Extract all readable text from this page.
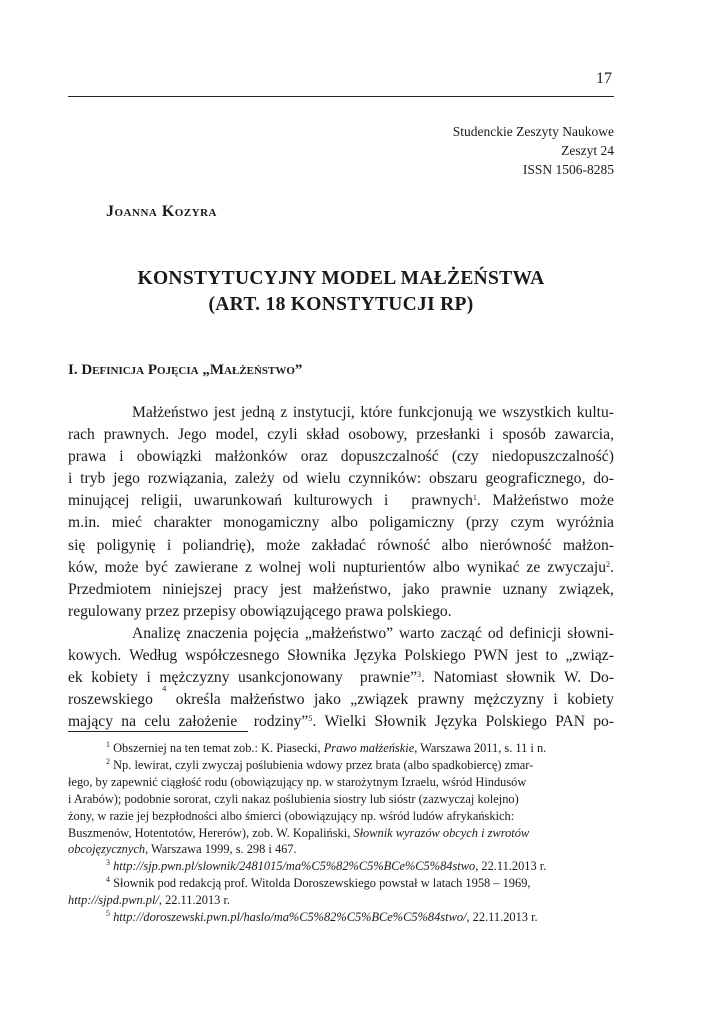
17
Studenckie Zeszyty Naukowe
Zeszyt 24
ISSN 1506-8285
Joanna Kozyra
KONSTYTUCYJNY MODEL MAŁŻEŃSTWA
(ART. 18 KONSTYTUCJI RP)
I. Definicja Pojęcia „Małżeństwo”
Małżeństwo jest jedną z instytucji, które funkcjonują we wszystkich kultu-
rach prawnych. Jego model, czyli skład osobowy, przesłanki i sposób zawarcia,
prawa i obowiązki małżonków oraz dopuszczalność (czy niedopuszczalność)
i tryb jego rozwiązania, zależy od wielu czynników: obszaru geograficznego, do-
minującej religii, uwarunkowań kulturowych i prawnych$^1$. Małżeństwo może
m.in. mieć charakter monogamiczny albo poligamiczny (przy czym wyróżnia
się poligynię i poliandrię), może zakładać równość albo nierówność małżon-
ków, może być zawierane z wolnej woli nupturientów albo wynikać ze zwyczaju$^2$.
Przedmiotem niniejszej pracy jest małżeństwo, jako prawnie uznany związek,
regulowany przez przepisy obowiązującego prawa polskiego.
Analizę znaczenia pojęcia „małżeństwo” warto zacząć od definicji słowni-
kowych. Według współczesnego Słownika Języka Polskiego PWN jest to „związ-
ek kobiety i mężczyzny usankcjonowany prawnie”$^3$. Natomiast słownik W. Do-
roszewskiego
4
określa małżeństwo jako „związek prawny mężczyzny i kobiety
mający na celu założenie rodziny”$^5$. Wielki Słownik Języka Polskiego PAN po-
$^1$ Obszerniej na ten temat zob.: K. Piasecki, Prawo małżeńskie, Warszawa 2011, s. 11 i n.
$^2$ Np. lewirat, czyli zwyczaj poślubienia wdowy przez brata (albo spadkobiercę) zmar-
łego, by zapewnić ciągłość rodu (obowiązujący np. w starożytnym Izraelu, wśród Hindusów
i Arabów); podobnie sororat, czyli nakaz poślubienia siostry lub sióstr (zazwyczaj kolejno)
żony, w razie jej bezpłodności albo śmierci (obowiązujący np. wśród ludów afrykańskich:
Buszmenów, Hotentotów, Hererów), zob. W. Kopaliński, Słownik wyrazów obcych i zwrotów
obcojęzycznych, Warszawa 1999, s. 298 i 467.
$^3$ http://sjp.pwn.pl/slownik/2481015/ma%C5%82%C5%BCe%C5%84stwo, 22.11.2013 r.
$^4$ Słownik pod redakcją prof. Witolda Doroszewskiego powstał w latach 1958 – 1969,
http://sjpd.pwn.pl/, 22.11.2013 r.
$^5$ http://doroszewski.pwn.pl/haslo/ma%C5%82%C5%BCe%C5%84stwo/, 22.11.2013 r.
